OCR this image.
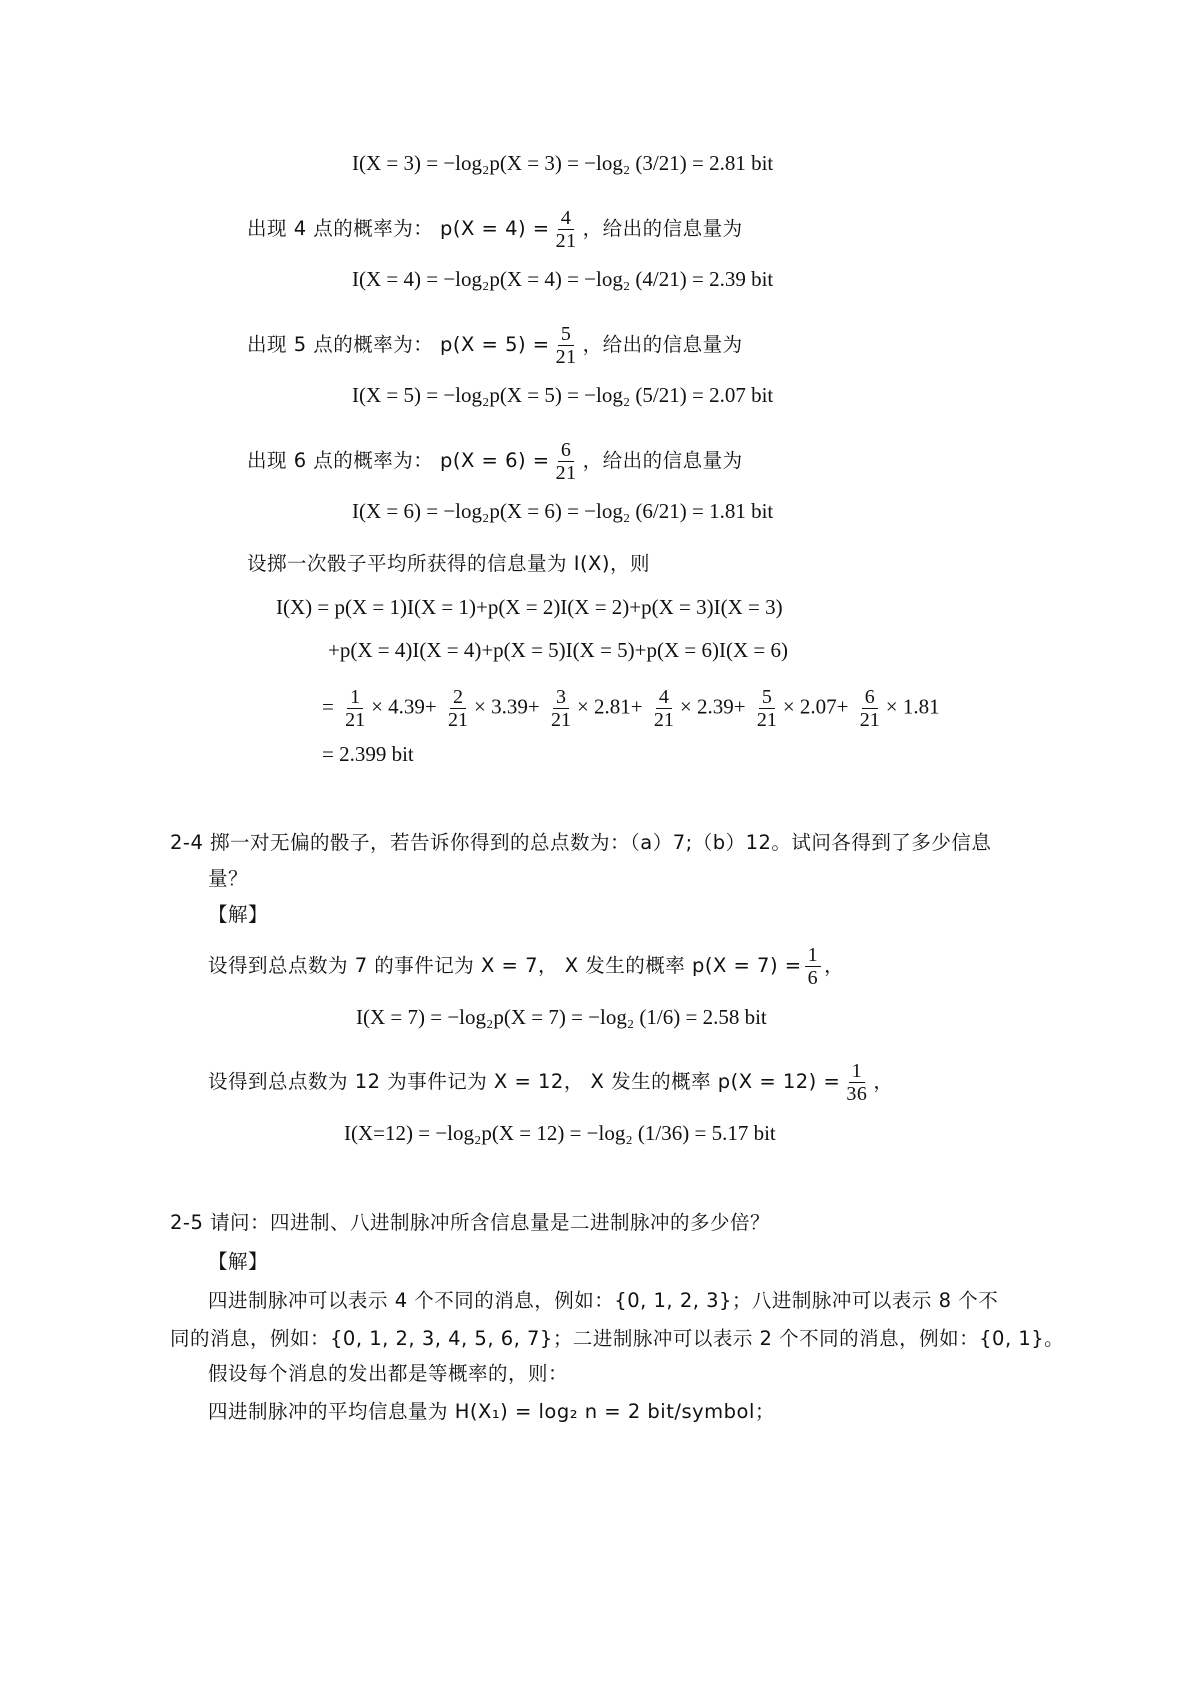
I(X = 3) = −log₂p(X = 3) = −log₂ (3/21) = 2.81 bit
出现 4 点的概率为： $p(X = 4) = \frac{4}{21}$ ，给出的信息量为
I(X = 4) = −log₂p(X = 4) = −log₂ (4/21) = 2.39 bit
出现 5 点的概率为： $p(X = 5) = \frac{5}{21}$ ，给出的信息量为
I(X = 5) = −log₂p(X = 5) = −log₂ (5/21) = 2.07 bit
出现 6 点的概率为： $p(X = 6) = \frac{6}{21}$ ，给出的信息量为
I(X = 6) = −log₂p(X = 6) = −log₂ (6/21) = 1.81 bit
设掷一次骰子平均所获得的信息量为 I(X)，则
I(X) = p(X = 1)I(X = 1)+p(X = 2)I(X = 2)+p(X = 3)I(X = 3)
+p(X = 4)I(X = 4)+p(X = 5)I(X = 5)+p(X = 6)I(X = 6)
= $\frac{1}{21} \times 4.39+ \frac{2}{21} \times 3.39+ \frac{3}{21} \times 2.81+ \frac{4}{21} \times 2.39+ \frac{5}{21} \times 2.07+ \frac{6}{21} \times 1.81$
= 2.399 bit
2-4 掷一对无偏的骰子，若告诉你得到的总点数为：（a）7;（b）12。试问各得到了多少信息
量？
【解】
设得到总点数为 7 的事件记为 X = 7， X 发生的概率 $p(X = 7) = \frac{1}{6}$ ，
I(X = 7) = −log₂p(X = 7) = −log₂ (1/6) = 2.58 bit
设得到总点数为 12 为事件记为 X = 12， X 发生的概率 $p(X = 12) = \frac{1}{36}$ ，
I(X=12) = −log₂p(X = 12) = −log₂ (1/36) = 5.17 bit
2-5 请问：四进制、八进制脉冲所含信息量是二进制脉冲的多少倍？
【解】
四进制脉冲可以表示 4 个不同的消息，例如：{0, 1, 2, 3}；八进制脉冲可以表示 8 个不
同的消息，例如：{0, 1, 2, 3, 4, 5, 6, 7}；二进制脉冲可以表示 2 个不同的消息，例如：{0, 1}。
假设每个消息的发出都是等概率的，则：
四进制脉冲的平均信息量为 H(X₁) = log₂ n = 2 bit/symbol；
